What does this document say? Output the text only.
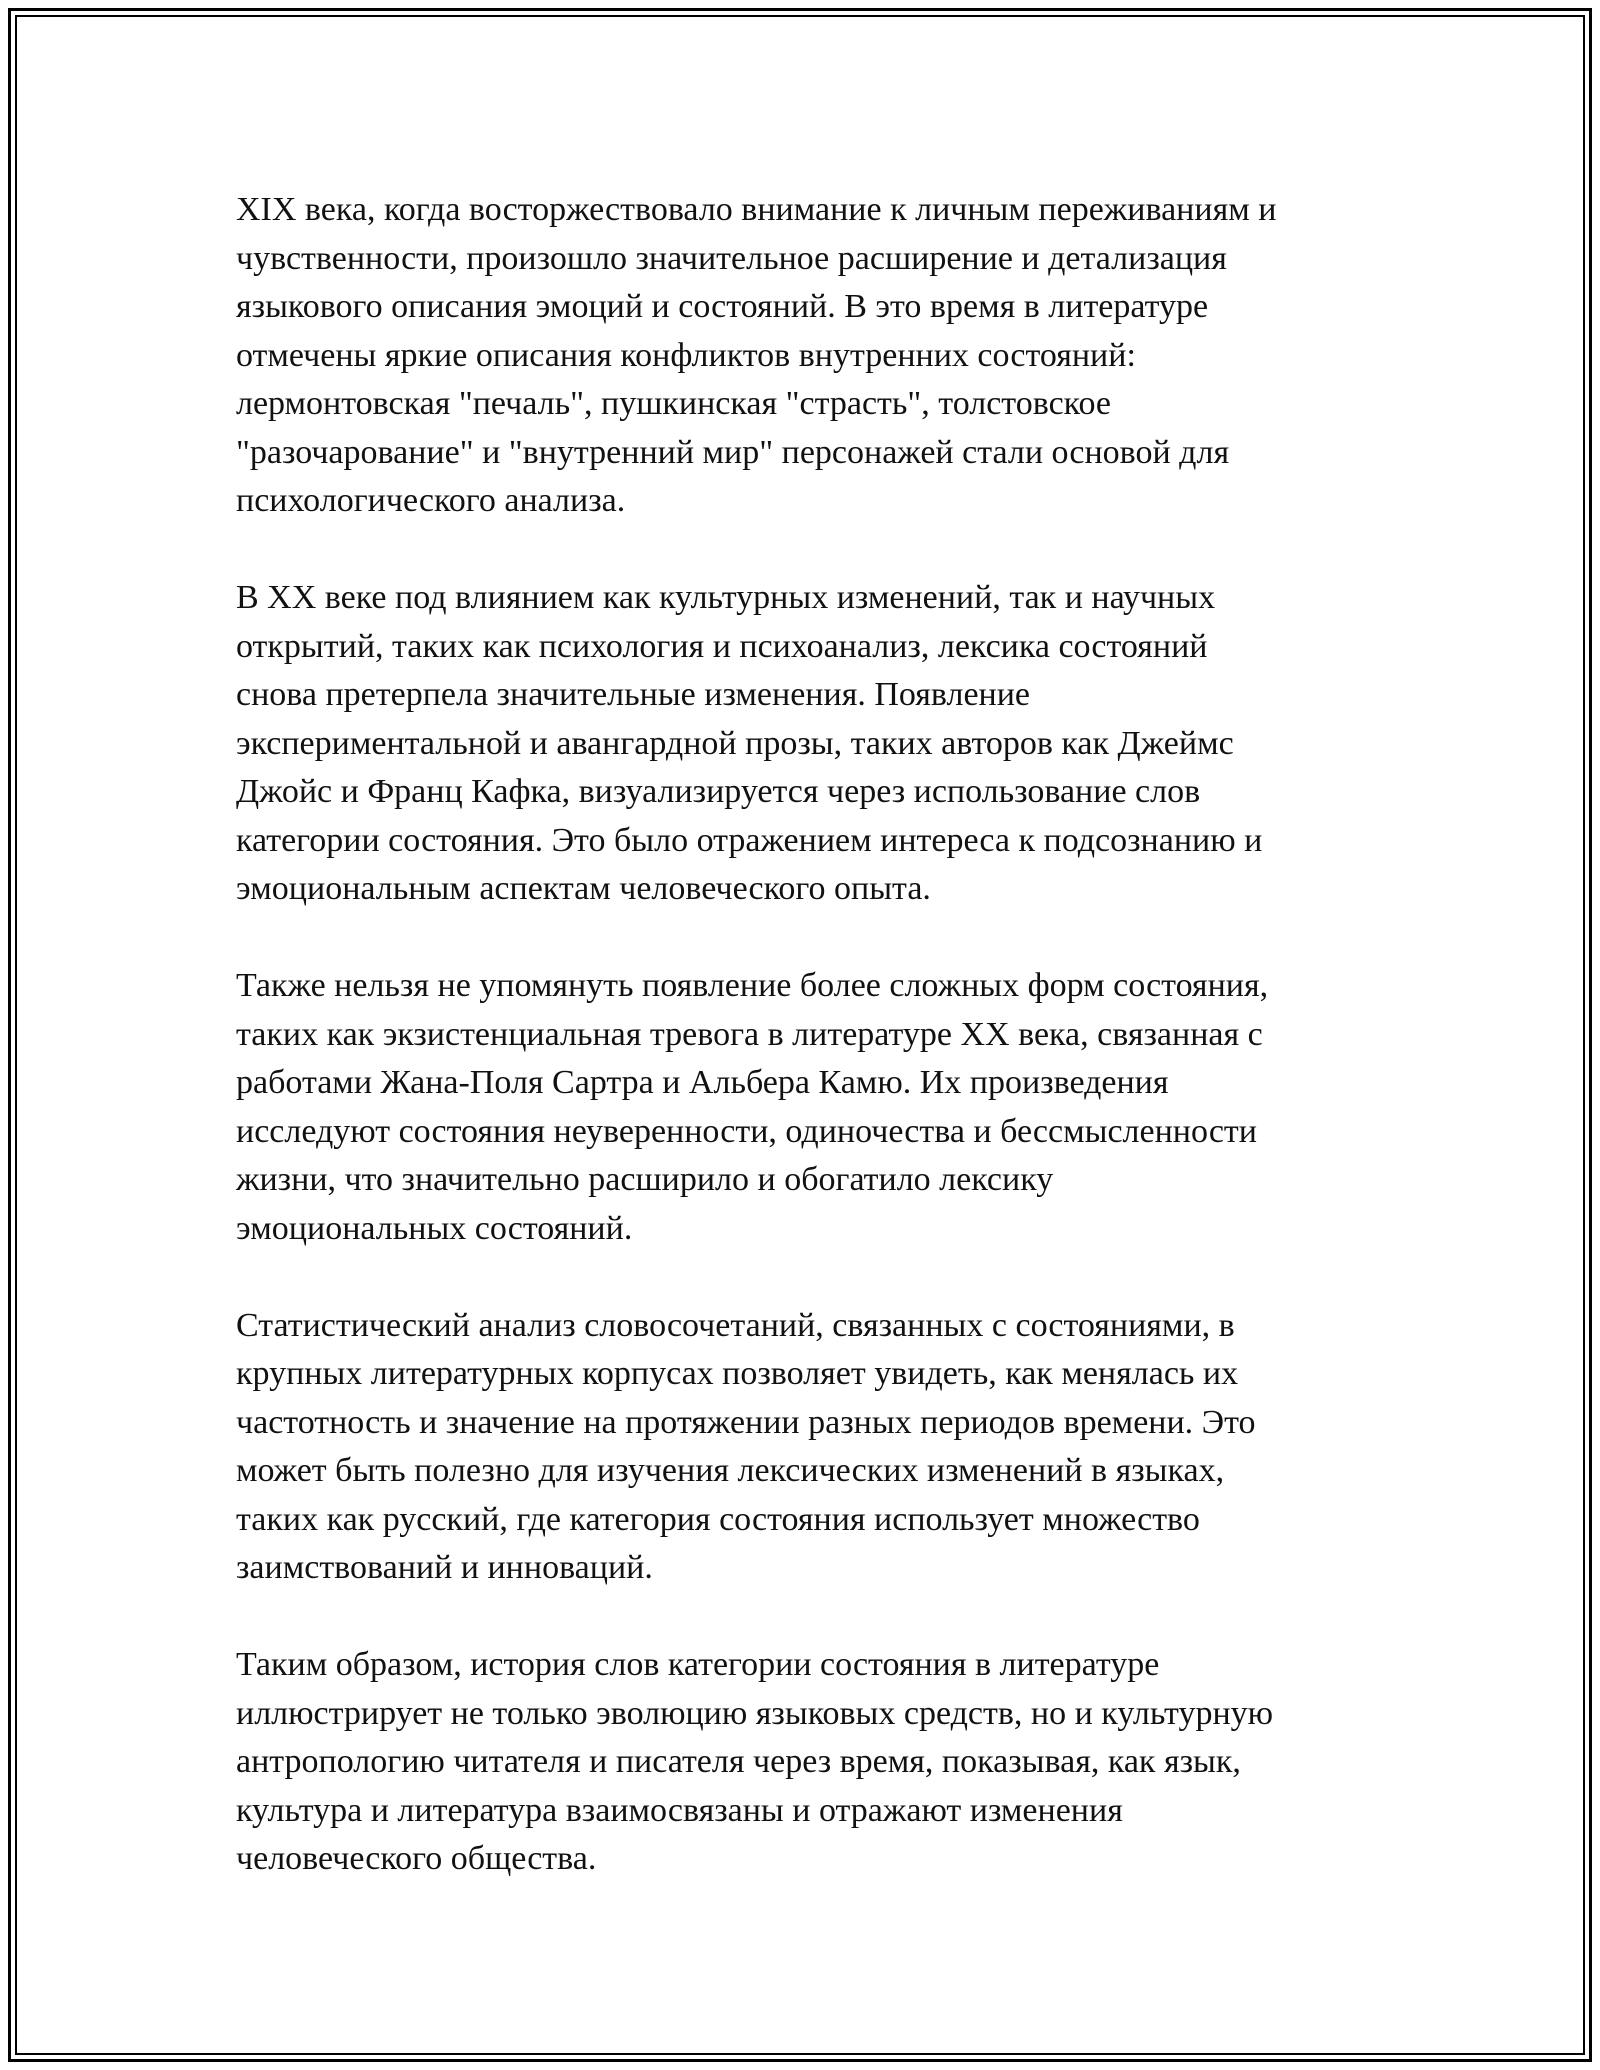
XIX века, когда восторжествовало внимание к личным переживаниям и
чувственности, произошло значительное расширение и детализация
языкового описания эмоций и состояний. В это время в литературе
отмечены яркие описания конфликтов внутренних состояний:
лермонтовская "печаль", пушкинская "страсть", толстовское
"разочарование" и "внутренний мир" персонажей стали основой для
психологического анализа.

В XX веке под влиянием как культурных изменений, так и научных
открытий, таких как психология и психоанализ, лексика состояний
снова претерпела значительные изменения. Появление
экспериментальной и авангардной прозы, таких авторов как Джеймс
Джойс и Франц Кафка, визуализируется через использование слов
категории состояния. Это было отражением интереса к подсознанию и
эмоциональным аспектам человеческого опыта.

Также нельзя не упомянуть появление более сложных форм состояния,
таких как экзистенциальная тревога в литературе XX века, связанная с
работами Жана-Поля Сартра и Альбера Камю. Их произведения
исследуют состояния неуверенности, одиночества и бессмысленности
жизни, что значительно расширило и обогатило лексику
эмоциональных состояний.

Статистический анализ словосочетаний, связанных с состояниями, в
крупных литературных корпусах позволяет увидеть, как менялась их
частотность и значение на протяжении разных периодов времени. Это
может быть полезно для изучения лексических изменений в языках,
таких как русский, где категория состояния использует множество
заимствований и инноваций.

Таким образом, история слов категории состояния в литературе
иллюстрирует не только эволюцию языковых средств, но и культурную
антропологию читателя и писателя через время, показывая, как язык,
культура и литература взаимосвязаны и отражают изменения
человеческого общества.
